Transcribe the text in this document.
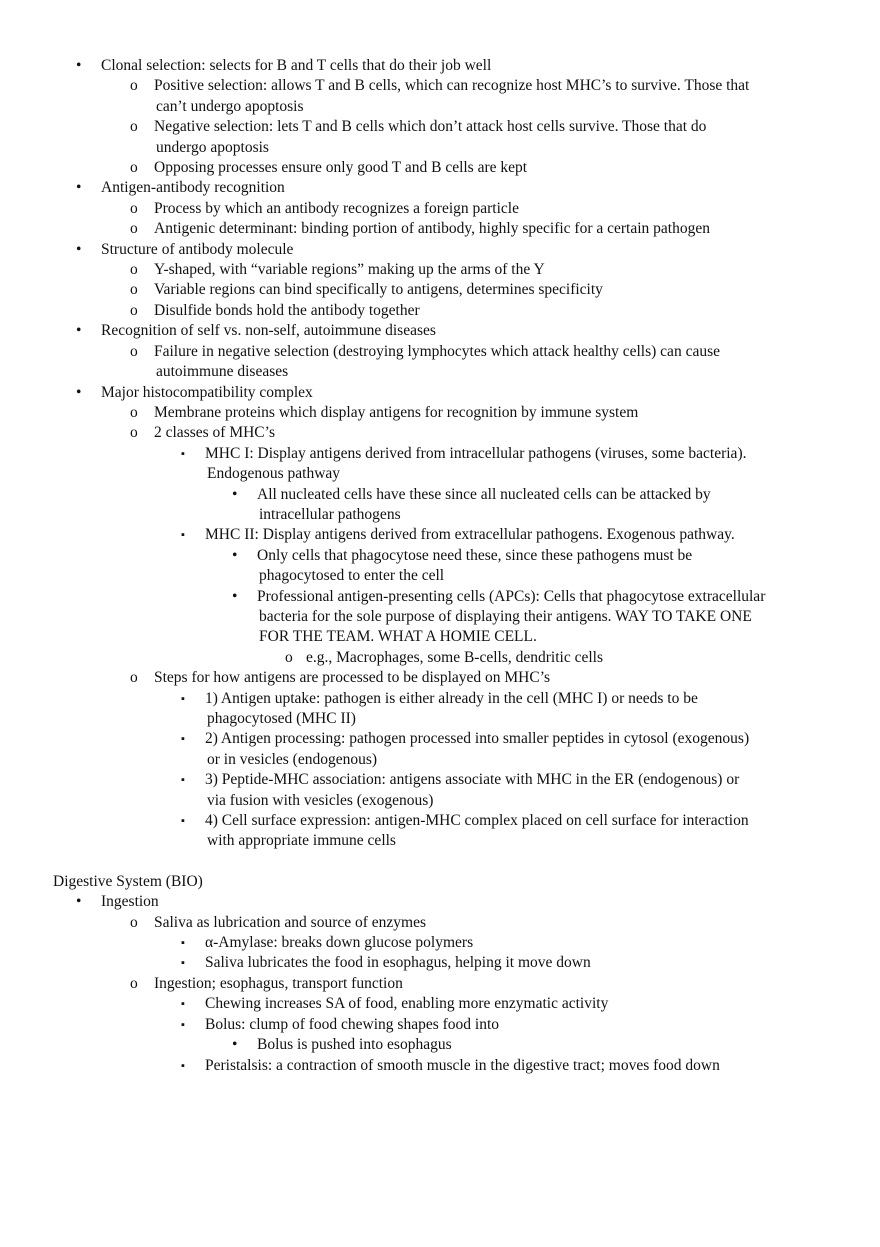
• Clonal selection: selects for B and T cells that do their job well
o Positive selection: allows T and B cells, which can recognize host MHC’s to survive. Those that
can’t undergo apoptosis
o Negative selection: lets T and B cells which don’t attack host cells survive. Those that do
undergo apoptosis
o Opposing processes ensure only good T and B cells are kept
• Antigen-antibody recognition
o Process by which an antibody recognizes a foreign particle
o Antigenic determinant: binding portion of antibody, highly specific for a certain pathogen
• Structure of antibody molecule
o Y-shaped, with “variable regions” making up the arms of the Y
o Variable regions can bind specifically to antigens, determines specificity
o Disulfide bonds hold the antibody together
• Recognition of self vs. non-self, autoimmune diseases
o Failure in negative selection (destroying lymphocytes which attack healthy cells) can cause
autoimmune diseases
• Major histocompatibility complex
o Membrane proteins which display antigens for recognition by immune system
o 2 classes of MHC’s
▪ MHC I: Display antigens derived from intracellular pathogens (viruses, some bacteria).
Endogenous pathway
• All nucleated cells have these since all nucleated cells can be attacked by
intracellular pathogens
▪ MHC II: Display antigens derived from extracellular pathogens. Exogenous pathway.
• Only cells that phagocytose need these, since these pathogens must be
phagocytosed to enter the cell
• Professional antigen-presenting cells (APCs): Cells that phagocytose extracellular
bacteria for the sole purpose of displaying their antigens. WAY TO TAKE ONE
FOR THE TEAM. WHAT A HOMIE CELL.
o e.g., Macrophages, some B-cells, dendritic cells
o Steps for how antigens are processed to be displayed on MHC’s
▪ 1) Antigen uptake: pathogen is either already in the cell (MHC I) or needs to be
phagocytosed (MHC II)
▪ 2) Antigen processing: pathogen processed into smaller peptides in cytosol (exogenous)
or in vesicles (endogenous)
▪ 3) Peptide-MHC association: antigens associate with MHC in the ER (endogenous) or
via fusion with vesicles (exogenous)
▪ 4) Cell surface expression: antigen-MHC complex placed on cell surface for interaction
with appropriate immune cells
Digestive System (BIO)
• Ingestion
o Saliva as lubrication and source of enzymes
▪ α-Amylase: breaks down glucose polymers
▪ Saliva lubricates the food in esophagus, helping it move down
o Ingestion; esophagus, transport function
▪ Chewing increases SA of food, enabling more enzymatic activity
▪ Bolus: clump of food chewing shapes food into
• Bolus is pushed into esophagus
▪ Peristalsis: a contraction of smooth muscle in the digestive tract; moves food down
